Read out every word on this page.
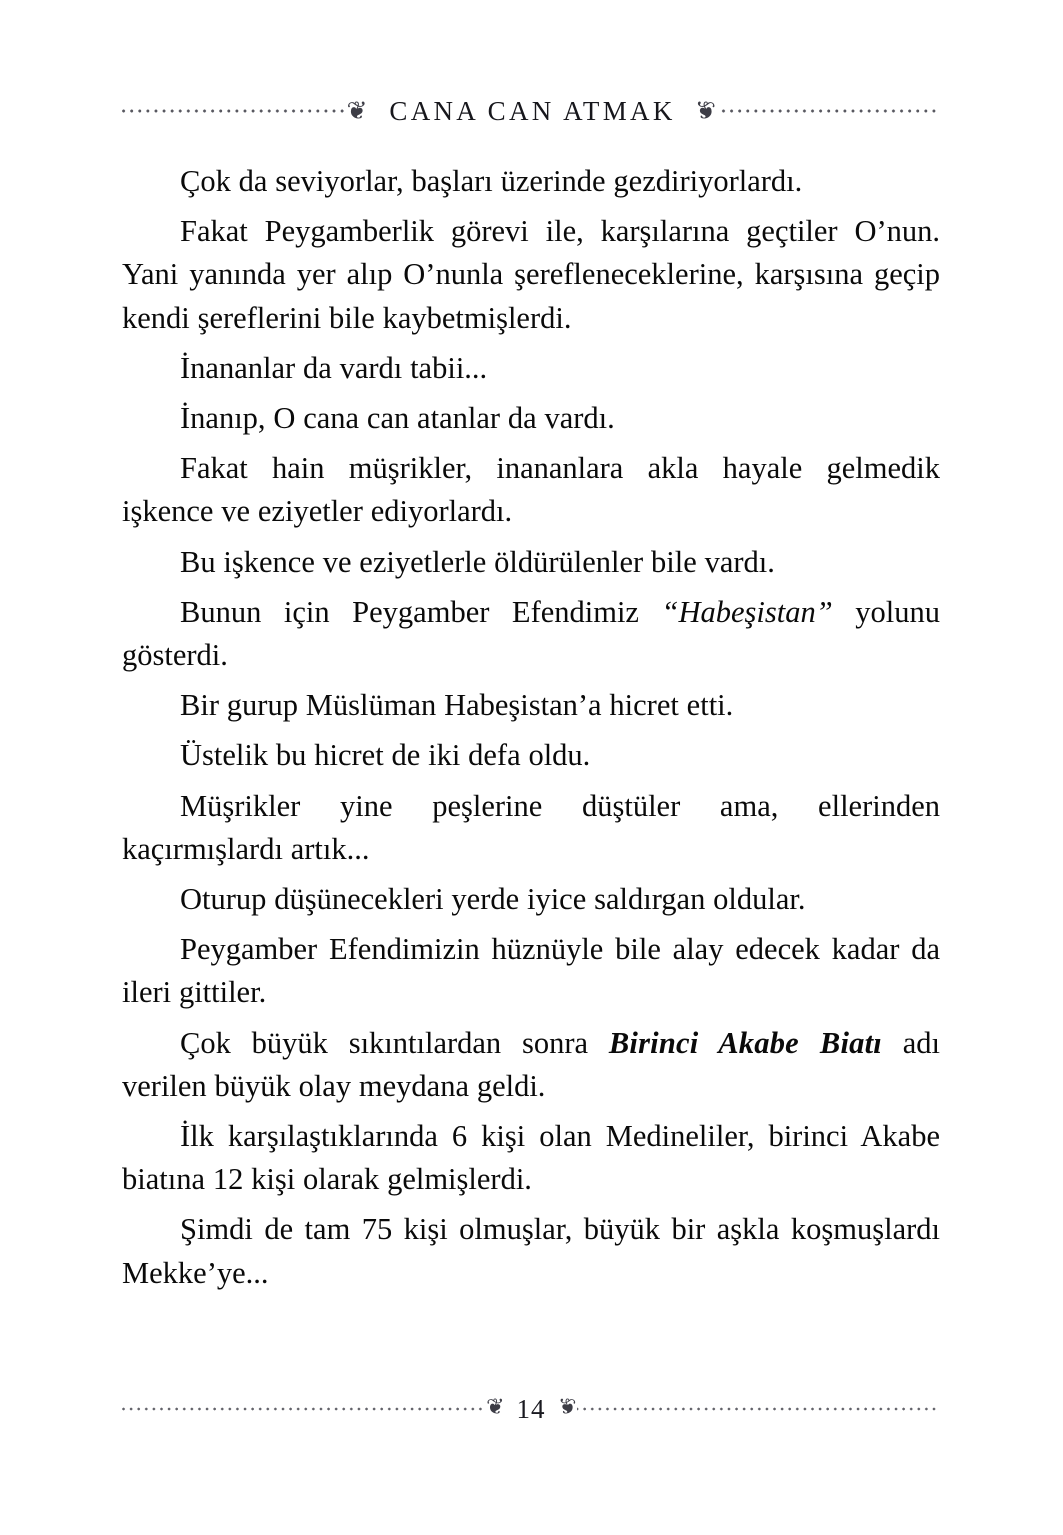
❦ CANA CAN ATMAK ❦

Çok da seviyorlar, başları üzerinde gezdiriyorlardı.

Fakat Peygamberlik görevi ile, karşılarına geçtiler O’nun. Yani yanında yer alıp O’nunla şerefleneceklerine, karşısına geçip kendi şereflerini bile kaybetmişlerdi.

İnananlar da vardı tabii...

İnanıp, O cana can atanlar da vardı.

Fakat hain müşrikler, inananlara akla hayale gelmedik işkence ve eziyetler ediyorlardı.

Bu işkence ve eziyetlerle öldürülenler bile vardı.

Bunun için Peygamber Efendimiz “Habeşistan” yolunu gösterdi.

Bir gurup Müslüman Habeşistan’a hicret etti.

Üstelik bu hicret de iki defa oldu.

Müşrikler yine peşlerine düştüler ama, ellerinden kaçırmışlardı artık...

Oturup düşünecekleri yerde iyice saldırgan oldular.

Peygamber Efendimizin hüznüyle bile alay edecek kadar da ileri gittiler.

Çok büyük sıkıntılardan sonra Birinci Akabe Biatı adı verilen büyük olay meydana geldi.

İlk karşılaştıklarında 6 kişi olan Medineliler, birinci Akabe biatına 12 kişi olarak gelmişlerdi.

Şimdi de tam 75 kişi olmuşlar, büyük bir aşkla koşmuşlardı Mekke’ye...

❦ 14 ❦
